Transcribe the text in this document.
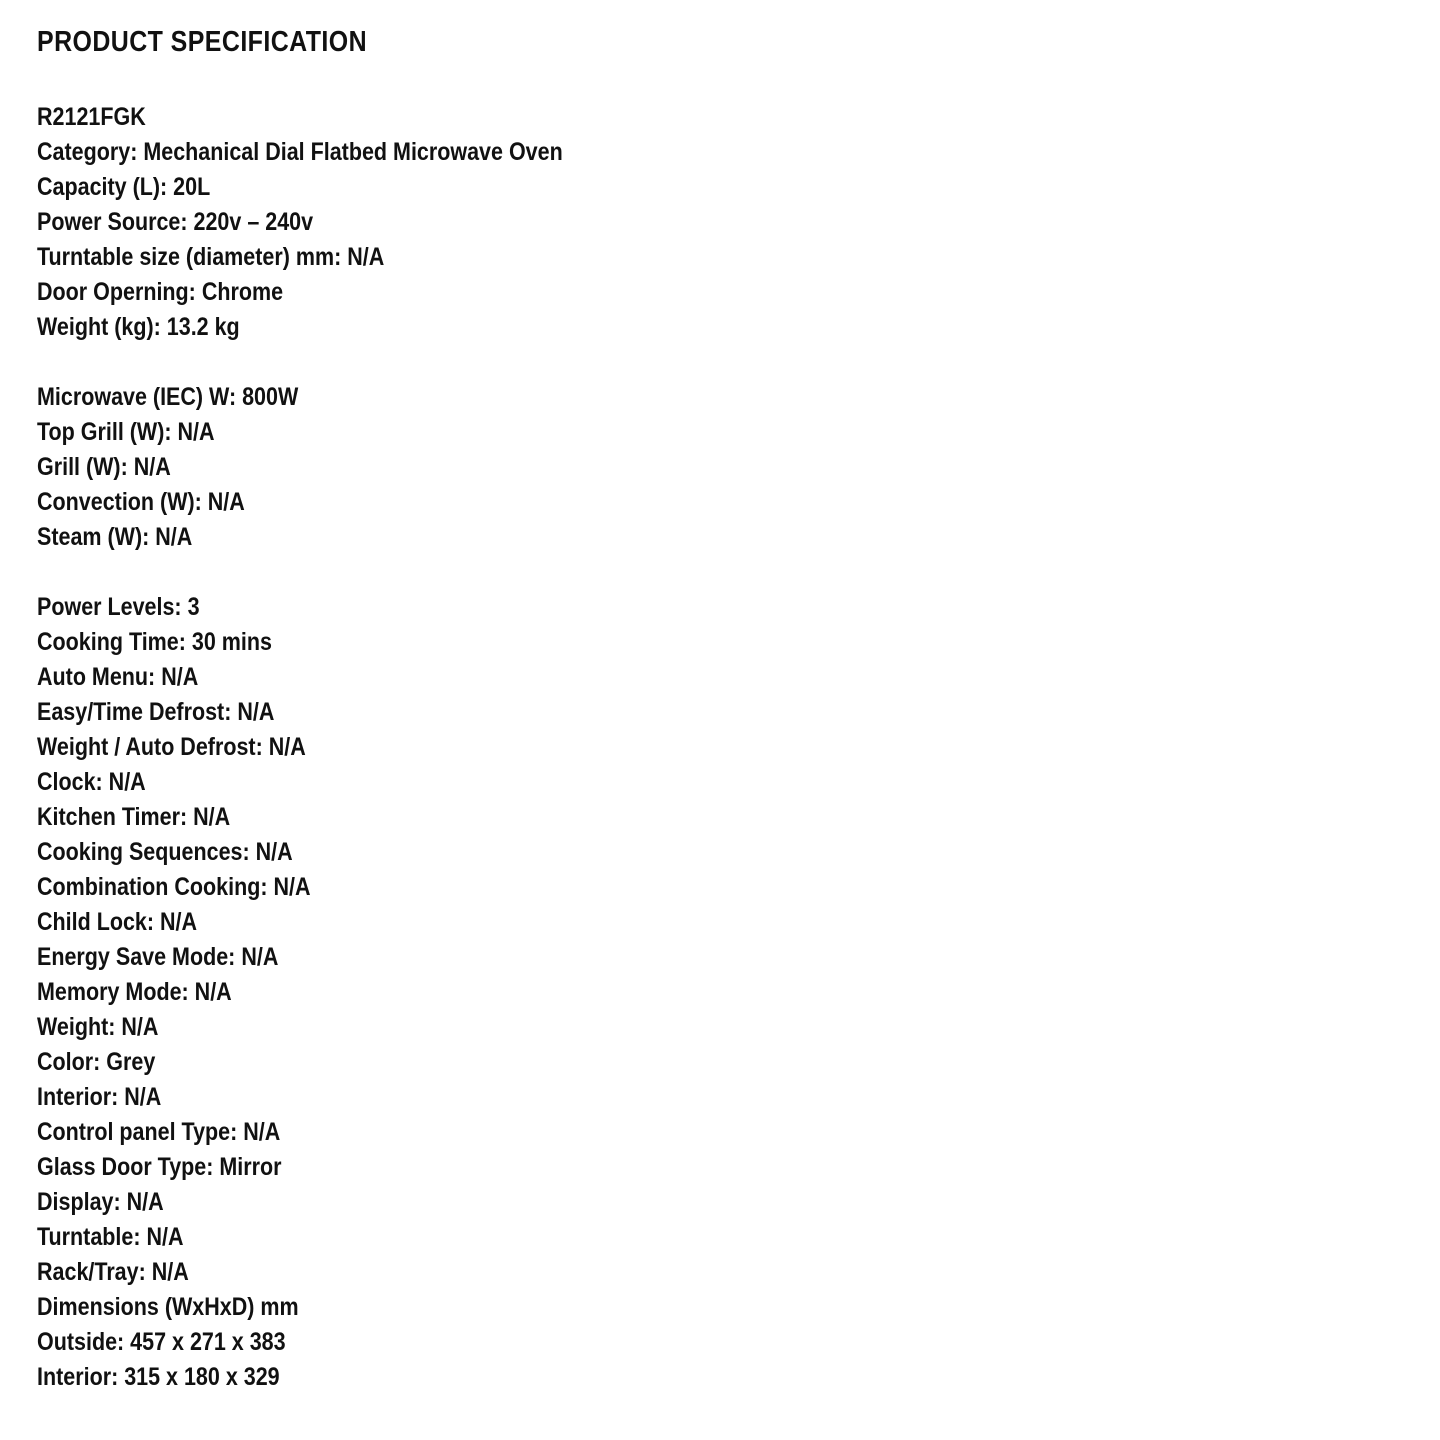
PRODUCT SPECIFICATION
R2121FGK
Category: Mechanical Dial Flatbed Microwave Oven
Capacity (L): 20L
Power Source: 220v – 240v
Turntable size (diameter) mm: N/A
Door Operning: Chrome
Weight (kg): 13.2 kg
Microwave (IEC) W: 800W
Top Grill (W): N/A
Grill (W): N/A
Convection (W): N/A
Steam (W): N/A
Power Levels: 3
Cooking Time: 30 mins
Auto Menu: N/A
Easy/Time Defrost: N/A
Weight / Auto Defrost: N/A
Clock: N/A
Kitchen Timer: N/A
Cooking Sequences: N/A
Combination Cooking: N/A
Child Lock: N/A
Energy Save Mode: N/A
Memory Mode: N/A
Weight: N/A
Color: Grey
Interior: N/A
Control panel Type: N/A
Glass Door Type: Mirror
Display: N/A
Turntable: N/A
Rack/Tray: N/A
Dimensions (WxHxD) mm
Outside: 457 x 271 x 383
Interior: 315 x 180 x 329
